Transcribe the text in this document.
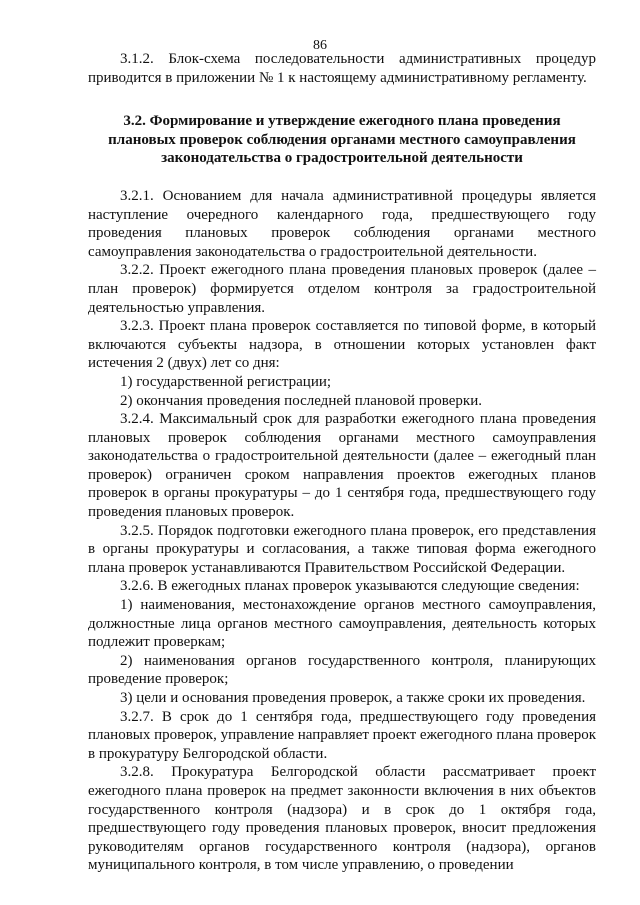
86

3.1.2. Блок-схема последовательности административных процедур приводится в приложении № 1 к настоящему административному регламенту.

3.2. Формирование и утверждение ежегодного плана проведения плановых проверок соблюдения органами местного самоуправления законодательства о градостроительной деятельности

3.2.1. Основанием для начала административной процедуры является наступление очередного календарного года, предшествующего году проведения плановых проверок соблюдения органами местного самоуправления законодательства о градостроительной деятельности.

3.2.2. Проект ежегодного плана проведения плановых проверок (далее – план проверок) формируется отделом контроля за градостроительной деятельностью управления.

3.2.3. Проект плана проверок составляется по типовой форме, в который включаются субъекты надзора, в отношении которых установлен факт истечения 2 (двух) лет со дня:

1) государственной регистрации;

2) окончания проведения последней плановой проверки.

3.2.4. Максимальный срок для разработки ежегодного плана проведения плановых проверок соблюдения органами местного самоуправления законодательства о градостроительной деятельности (далее – ежегодный план проверок) ограничен сроком направления проектов ежегодных планов проверок в органы прокуратуры – до 1 сентября года, предшествующего году проведения плановых проверок.

3.2.5. Порядок подготовки ежегодного плана проверок, его представления в органы прокуратуры и согласования, а также типовая форма ежегодного плана проверок устанавливаются Правительством Российской Федерации.

3.2.6. В ежегодных планах проверок указываются следующие сведения:

1) наименования, местонахождение органов местного самоуправления, должностные лица органов местного самоуправления, деятельность которых подлежит проверкам;

2) наименования органов государственного контроля, планирующих проведение проверок;

3) цели и основания проведения проверок, а также сроки их проведения.

3.2.7. В срок до 1 сентября года, предшествующего году проведения плановых проверок, управление направляет проект ежегодного плана проверок в прокуратуру Белгородской области.

3.2.8. Прокуратура Белгородской области рассматривает проект ежегодного плана проверок на предмет законности включения в них объектов государственного контроля (надзора) и в срок до 1 октября года, предшествующего году проведения плановых проверок, вносит предложения руководителям органов государственного контроля (надзора), органов муниципального контроля, в том числе управлению, о проведении
